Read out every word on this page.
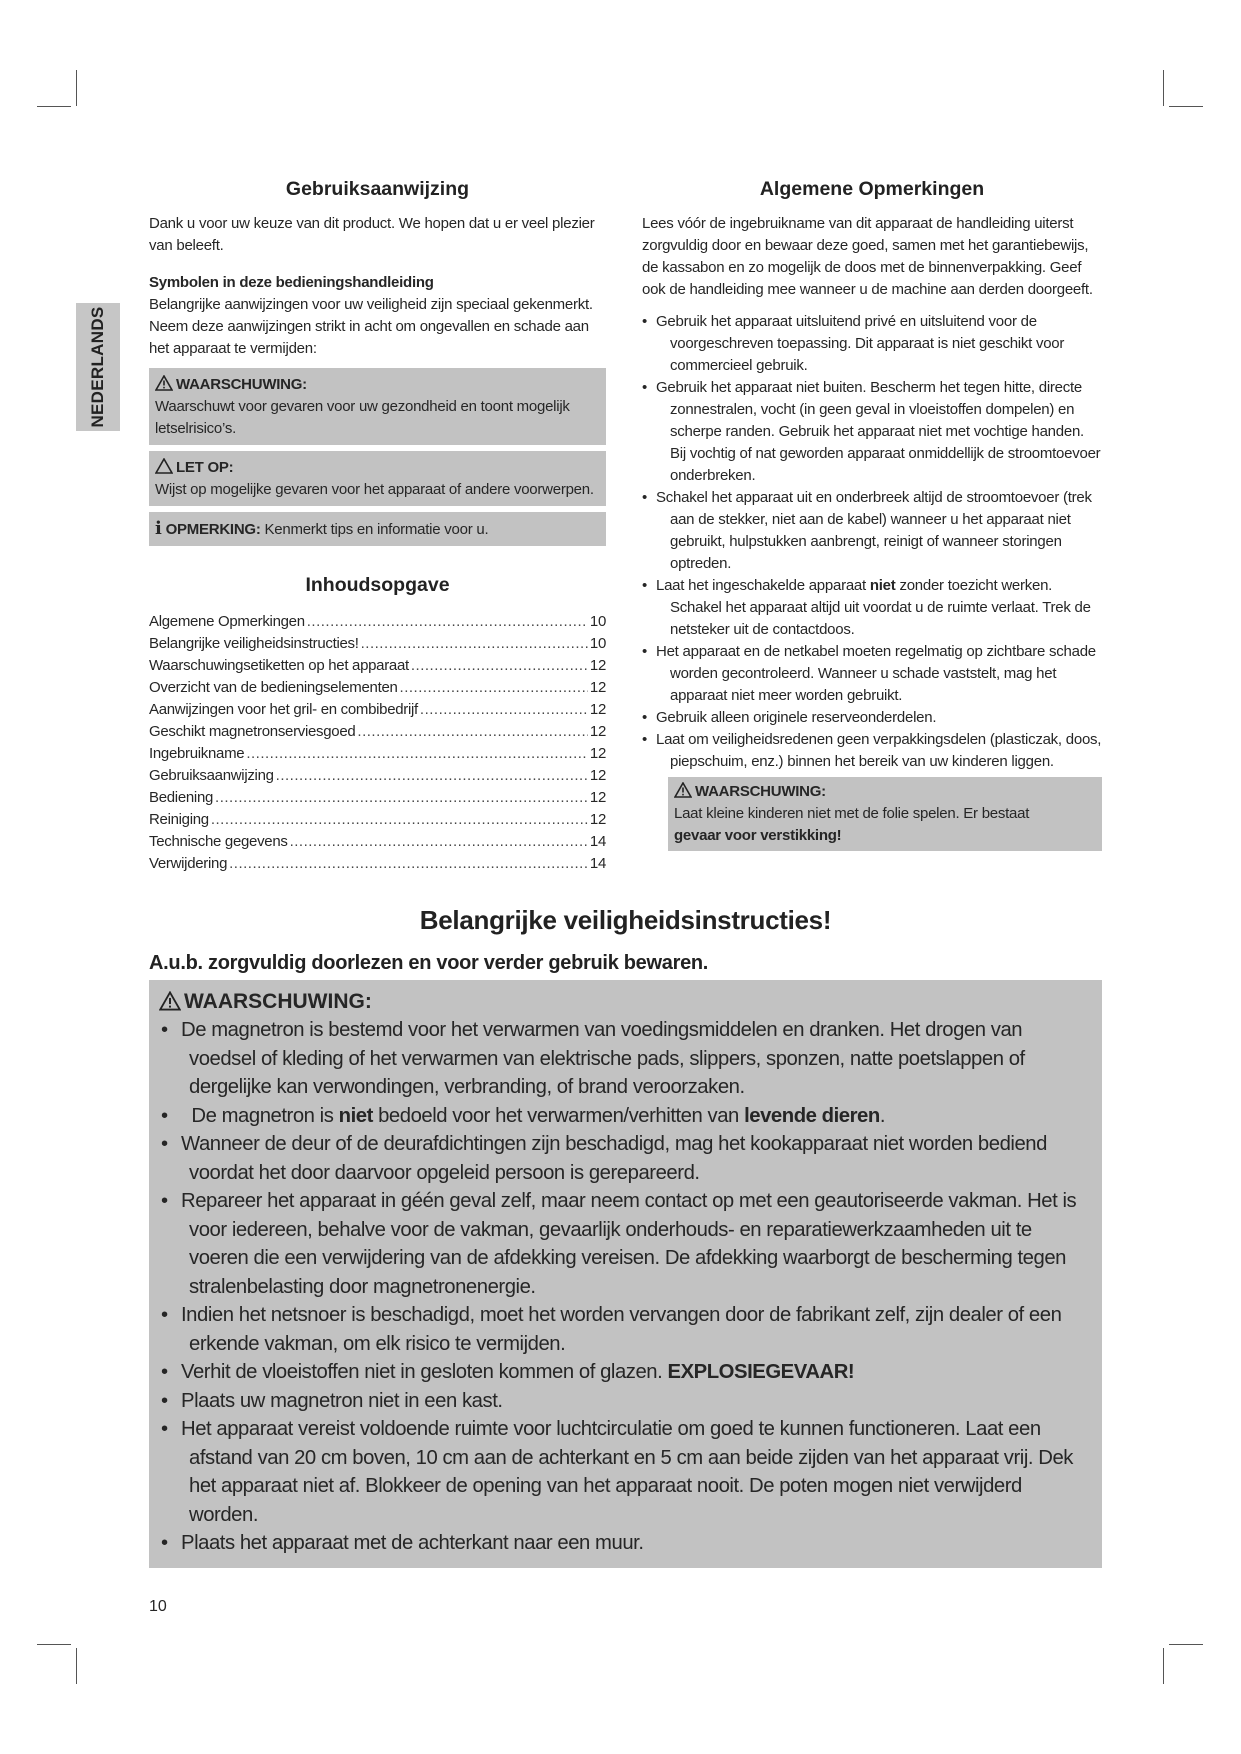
NEDERLANDS
Gebruiksaanwijzing

Dank u voor uw keuze van dit product. We hopen dat u er veel plezier van beleeft.

Symbolen in deze bedieningshandleiding

Belangrijke aanwijzingen voor uw veiligheid zijn speciaal gekenmerkt. Neem deze aanwijzingen strikt in acht om ongevallen en schade aan het apparaat te vermijden:

WAARSCHUWING:
Waarschuwt voor gevaren voor uw gezondheid en toont mogelijk letselrisico’s.
LET OP:
Wijst op mogelijke gevaren voor het apparaat of andere voorwerpen.
i OPMERKING: Kenmerkt tips en informatie voor u.
Inhoudsopgave
Algemene Opmerkingen .....	10
Belangrijke veiligheidsinstructies! .....	10
Waarschuwingsetiketten op het apparaat .....	12
Overzicht van de bedieningselementen .....	12
Aanwijzingen voor het gril- en combibedrijf .....	12
Geschikt magnetronserviesgoed .....	12
Ingebruikname .....	12
Gebruiksaanwijzing .....	12
Bediening .....	12
Reiniging .....	12
Technische gegevens .....	14
Verwijdering .....	14
Algemene Opmerkingen

Lees vóór de ingebruikname van dit apparaat de handleiding uiterst zorgvuldig door en bewaar deze goed, samen met het garantiebewijs, de kassabon en zo mogelijk de doos met de binnenverpakking. Geef ook de handleiding mee wanneer u de machine aan derden doorgeeft.

• Gebruik het apparaat uitsluitend privé en uitsluitend voor de voorgeschreven toepassing. Dit apparaat is niet geschikt voor commercieel gebruik.
• Gebruik het apparaat niet buiten. Bescherm het tegen hitte, directe zonnestralen, vocht (in geen geval in vloeistoffen dompelen) en scherpe randen. Gebruik het apparaat niet met vochtige handen. Bij vochtig of nat geworden apparaat onmiddellijk de stroomtoevoer onderbreken.
• Schakel het apparaat uit en onderbreek altijd de stroomtoevoer (trek aan de stekker, niet aan de kabel) wanneer u het apparaat niet gebruikt, hulpstukken aanbrengt, reinigt of wanneer storingen optreden.
• Laat het ingeschakelde apparaat niet zonder toezicht werken. Schakel het apparaat altijd uit voordat u de ruimte verlaat. Trek de netsteker uit de contactdoos.
• Het apparaat en de netkabel moeten regelmatig op zichtbare schade worden gecontroleerd. Wanneer u schade vaststelt, mag het apparaat niet meer worden gebruikt.
• Gebruik alleen originele reserveonderdelen.
• Laat om veiligheidsredenen geen verpakkingsdelen (plasticzak, doos, piepschuim, enz.) binnen het bereik van uw kinderen liggen.
WAARSCHUWING:
Laat kleine kinderen niet met de folie spelen. Er bestaat
gevaar voor verstikking!
Belangrijke veiligheidsinstructies!
A.u.b. zorgvuldig doorlezen en voor verder gebruik bewaren.
WAARSCHUWING:
• De magnetron is bestemd voor het verwarmen van voedingsmiddelen en dranken. Het drogen van voedsel of kleding of het verwarmen van elektrische pads, slippers, sponzen, natte poetslappen of dergelijke kan verwondingen, verbranding, of brand veroorzaken.
• De magnetron is niet bedoeld voor het verwarmen/verhitten van levende dieren.
• Wanneer de deur of de deurafdichtingen zijn beschadigd, mag het kookapparaat niet worden bediend voordat het door daarvoor opgeleid persoon is gerepareerd.
• Repareer het apparaat in géén geval zelf, maar neem contact op met een geautoriseerde vakman. Het is voor iedereen, behalve voor de vakman, gevaarlijk onderhouds- en reparatiewerkzaamheden uit te voeren die een verwijdering van de afdekking vereisen. De afdekking waarborgt de bescherming tegen stralenbelasting door magnetronenergie.
• Indien het netsnoer is beschadigd, moet het worden vervangen door de fabrikant zelf, zijn dealer of een erkende vakman, om elk risico te vermijden.
• Verhit de vloeistoffen niet in gesloten kommen of glazen. EXPLOSIEGEVAAR!
• Plaats uw magnetron niet in een kast.
• Het apparaat vereist voldoende ruimte voor luchtcirculatie om goed te kunnen functioneren. Laat een afstand van 20 cm boven, 10 cm aan de achterkant en 5 cm aan beide zijden van het apparaat vrij. Dek het apparaat niet af. Blokkeer de opening van het apparaat nooit. De poten mogen niet verwijderd worden.
• Plaats het apparaat met de achterkant naar een muur.
10
